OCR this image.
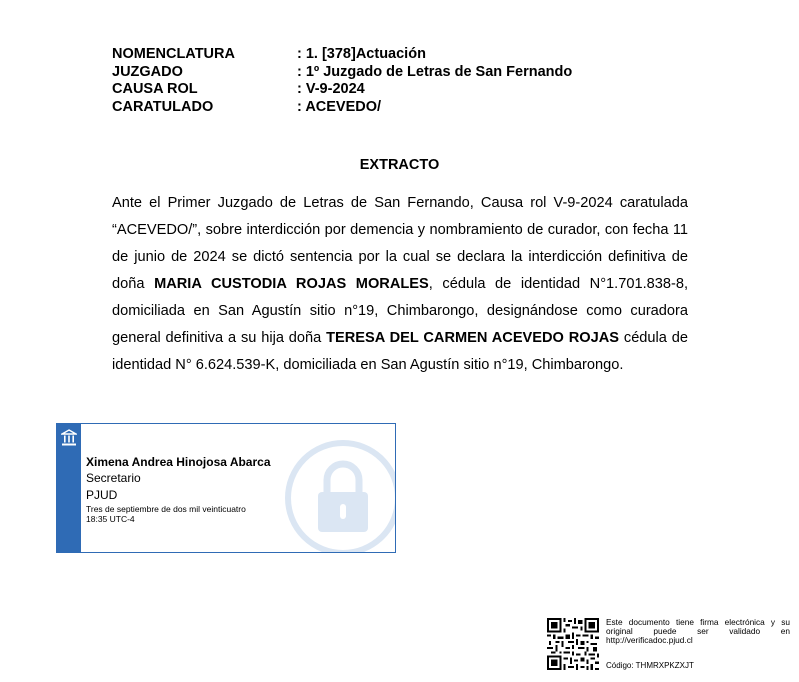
NOMENCLATURA	: 1. [378]Actuación
JUZGADO	: 1º Juzgado de Letras de San Fernando
CAUSA ROL	: V-9-2024
CARATULADO	: ACEVEDO/
EXTRACTO
Ante el Primer Juzgado de Letras de San Fernando, Causa rol V-9-2024 caratulada “ACEVEDO/”, sobre interdicción por demencia y nombramiento de curador, con fecha 11 de junio de 2024 se dictó sentencia por la cual se declara la interdicción definitiva de doña MARIA CUSTODIA ROJAS MORALES, cédula de identidad N°1.701.838-8, domiciliada en San Agustín sitio n°19, Chimbarongo, designándose como curadora general definitiva a su hija doña TERESA DEL CARMEN ACEVEDO ROJAS cédula de identidad N° 6.624.539-K, domiciliada en San Agustín sitio n°19, Chimbarongo.
Ximena Andrea Hinojosa Abarca
Secretario
PJUD
Tres de septiembre de dos mil veinticuatro
18:35 UTC-4
Este documento tiene firma electrónica y su original puede ser validado en http://verificadoc.pjud.cl
Código: THMRXPKZXJT
